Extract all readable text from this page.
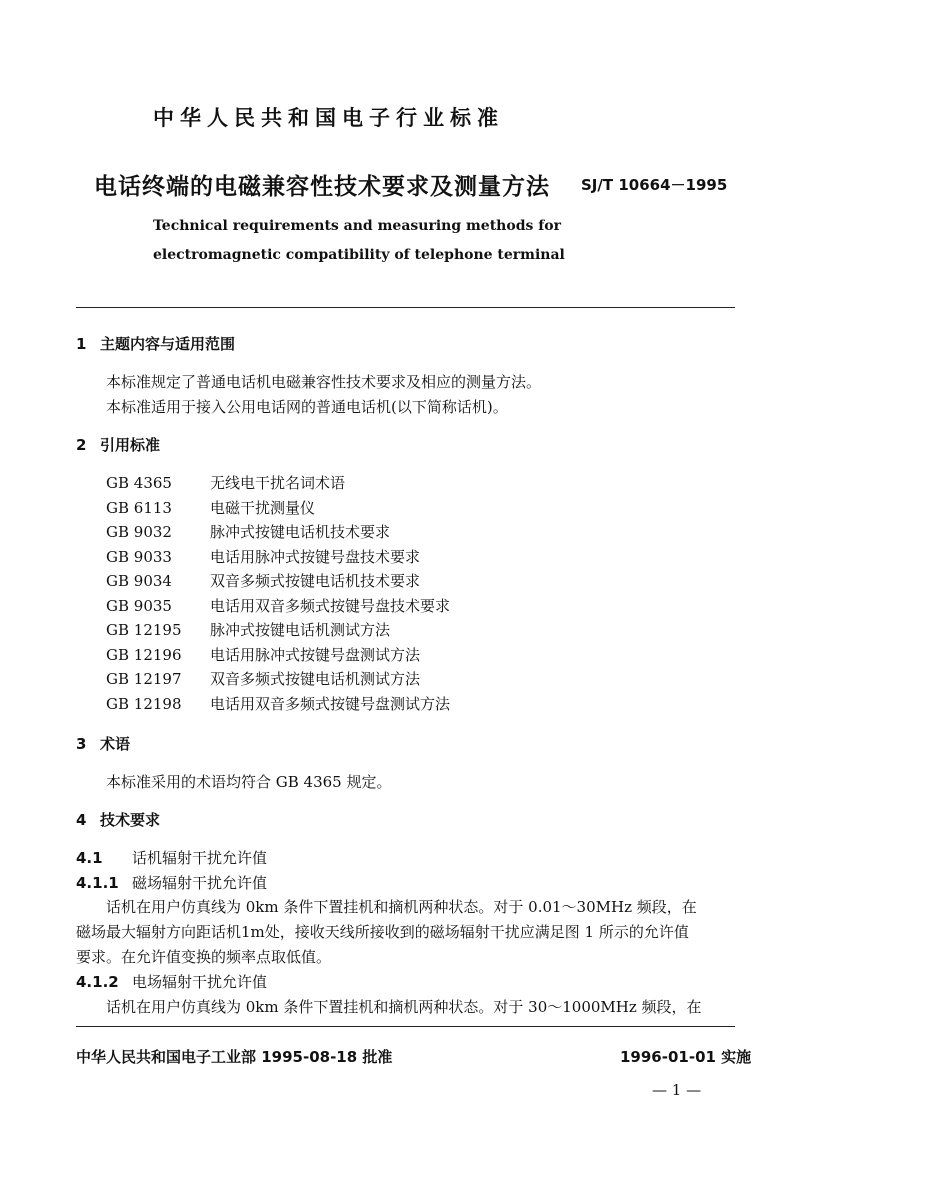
中华人民共和国电子行业标准
电话终端的电磁兼容性技术要求及测量方法 SJ/T 10664－1995
Technical requirements and measuring methods for
electromagnetic compatibility of telephone terminal
1 主题内容与适用范围
本标准规定了普通电话机电磁兼容性技术要求及相应的测量方法。
本标准适用于接入公用电话网的普通电话机(以下简称话机)。
2 引用标准
GB 4365	无线电干扰名词术语
GB 6113	电磁干扰测量仪
GB 9032	脉冲式按键电话机技术要求
GB 9033	电话用脉冲式按键号盘技术要求
GB 9034	双音多频式按键电话机技术要求
GB 9035	电话用双音多频式按键号盘技术要求
GB 12195 脉冲式按键电话机测试方法
GB 12196 电话用脉冲式按键号盘测试方法
GB 12197 双音多频式按键电话机测试方法
GB 12198 电话用双音多频式按键号盘测试方法
3 术语
本标准采用的术语均符合 GB 4365 规定。
4 技术要求
4.1 话机辐射干扰允许值
4.1.1 磁场辐射干扰允许值
话机在用户仿真线为 0km 条件下置挂机和摘机两种状态。对于 0.01～30MHz 频段，在
磁场最大辐射方向距话机1m处，接收天线所接收到的磁场辐射干扰应满足图 1 所示的允许值
要求。在允许值变换的频率点取低值。
4.1.2 电场辐射干扰允许值
话机在用户仿真线为 0km 条件下置挂机和摘机两种状态。对于 30～1000MHz 频段，在
中华人民共和国电子工业部 1995-08-18 批准	1996-01-01 实施
— 1 —
